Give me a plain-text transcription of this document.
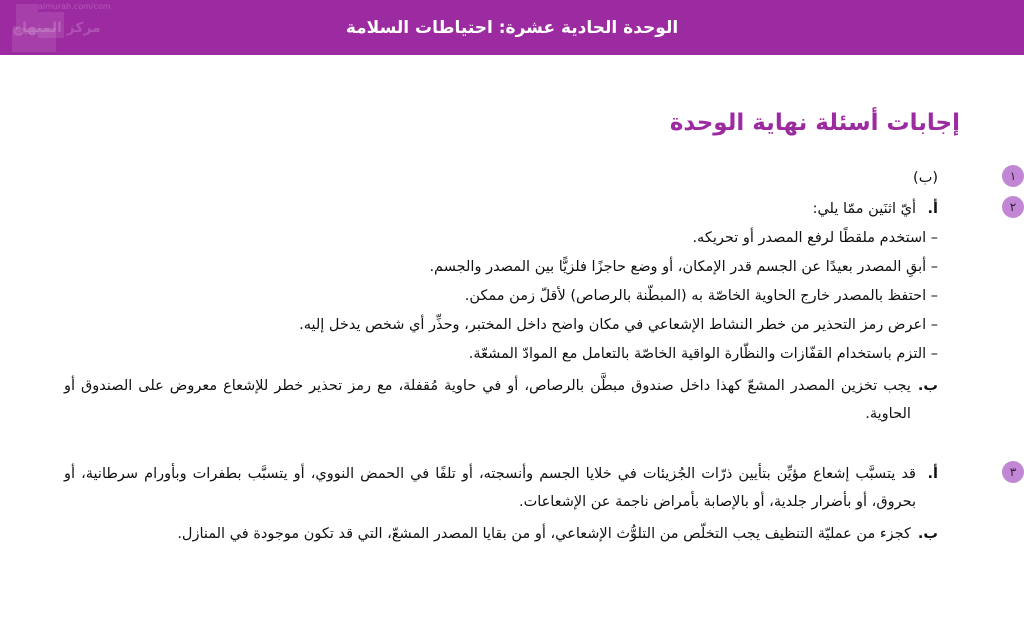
almurah.com/com
مركز المنهاج	الوحدة الحادية عشرة: احتياطات السلامة
إجابات أسئلة نهاية الوحدة
١
(ب)
٢
أ.
أيّ اثنَين ممّا يلي:
– استخدم ملقطًا لرفع المصدر أو تحريكه.
– أبقِ المصدر بعيدًا عن الجسم قدر الإمكان، أو وضع حاجزًا فلزيًّا بين المصدر والجسم.
– احتفظ بالمصدر خارج الحاوية الخاصّة به (المبطّنة بالرصاص) لأقلّ زمن ممكن.
– اعرض رمز التحذير من خطر النشاط الإشعاعي في مكان واضح داخل المختبر، وحذِّر أي شخص يدخل إليه.
– التزم باستخدام القفّازات والنظّارة الواقية الخاصّة بالتعامل مع الموادّ المشعّة.
ب.
يجب تخزين المصدر المشعّ كهذا داخل صندوق مبطَّن بالرصاص، أو في حاوية مُقفلة، مع رمز تحذير خطر للإشعاع معروض على الصندوق أو الحاوية.
٣
أ.
قد يتسبَّب إشعاع مؤيِّن بتأيين ذرّات الجُزيئات في خلايا الجسم وأنسجته، أو تلفًا في الحمض النووي، أو يتسبَّب بطفرات وبأورام سرطانية، أو بحروق، أو بأضرار جلدية، أو بالإصابة بأمراض ناجمة عن الإشعاعات.
ب.
كجزء من عمليّة التنظيف يجب التخلّص من التلوُّث الإشعاعي، أو من بقايا المصدر المشعّ، التي قد تكون موجودة في المنازل.
